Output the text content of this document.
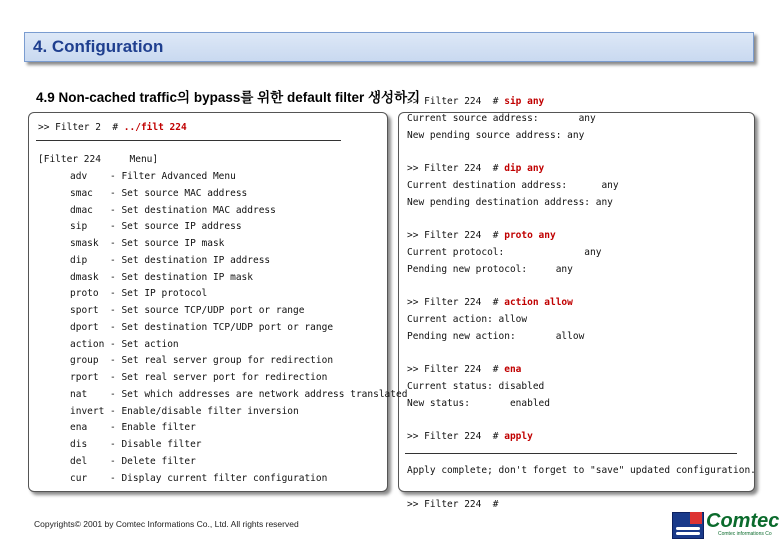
4. Configuration
4.9 Non-cached traffic의 bypass를 위한 default filter 생성하기
>> Filter 2  # ../filt 224
[Filter 224     Menu]
adv - Filter Advanced Menu
smac - Set source MAC address
dmac - Set destination MAC address
sip - Set source IP address
smask - Set source IP mask
dip - Set destination IP address
dmask - Set destination IP mask
proto - Set IP protocol
sport - Set source TCP/UDP port or range
dport - Set destination TCP/UDP port or range
action - Set action
group - Set real server group for redirection
rport - Set real server port for redirection
nat - Set which addresses are network address translated
invert - Enable/disable filter inversion
ena - Enable filter
dis - Disable filter
del - Delete filter
cur - Display current filter configuration
>> Filter 224  # sip any
Current source address:       any
New pending source address: any
>> Filter 224  # dip any
Current destination address:      any
New pending destination address: any
>> Filter 224  # proto any
Current protocol:              any
Pending new protocol:     any
>> Filter 224  # action allow
Current action: allow
Pending new action:       allow
>> Filter 224  # ena
Current status: disabled
New status:       enabled
>> Filter 224  # apply
Apply complete; don't forget to "save" updated configuration.
>> Filter 224  #
Copyrights© 2001 by Comtec Informations Co., Ltd. All rights reserved	Comtec
Comtec informations Co
